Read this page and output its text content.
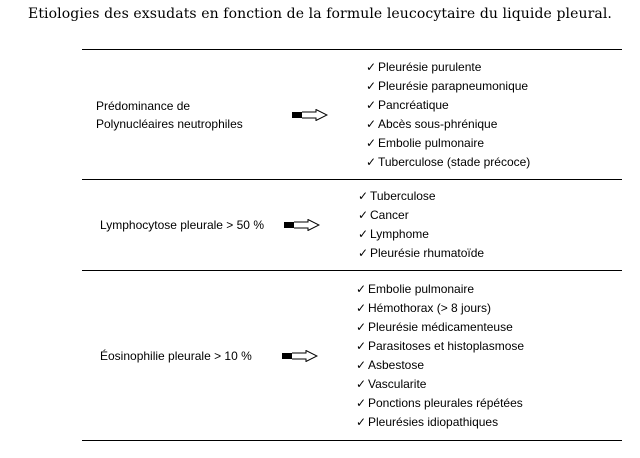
Etiologies des exsudats en fonction de la formule leucocytaire du liquide pleural.
Prédominance de
Polynucléaires neutrophiles
✓ Pleurésie purulente
✓ Pleurésie parapneumonique
✓ Pancréatique
✓ Abcès sous-phrénique
✓ Embolie pulmonaire
✓ Tuberculose (stade précoce)
Lymphocytose pleurale > 50 %
✓ Tuberculose
✓ Cancer
✓ Lymphome
✓ Pleurésie rhumatoïde
Éosinophilie pleurale > 10 %
✓ Embolie pulmonaire
✓ Hémothorax (> 8 jours)
✓ Pleurésie médicamenteuse
✓ Parasitoses et histoplasmose
✓ Asbestose
✓ Vascularite
✓ Ponctions pleurales répétées
✓ Pleurésies idiopathiques
